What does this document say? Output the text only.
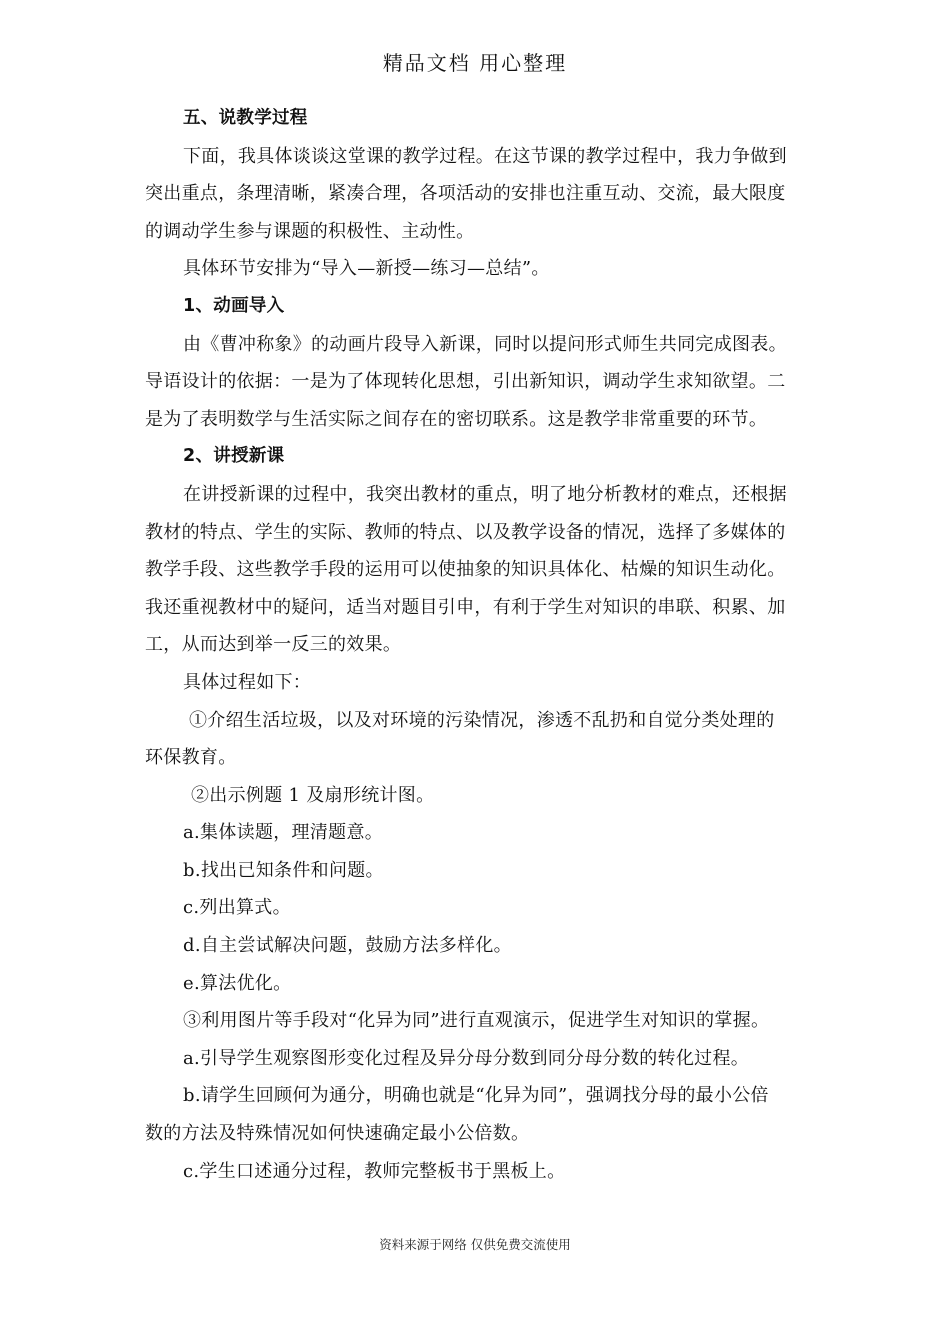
精品文档 用心整理
五、说教学过程
下面，我具体谈谈这堂课的教学过程。在这节课的教学过程中，我力争做到
突出重点，条理清晰，紧凑合理，各项活动的安排也注重互动、交流，最大限度
的调动学生参与课题的积极性、主动性。
具体环节安排为“导入—新授—练习—总结”。
1、动画导入
由《曹冲称象》的动画片段导入新课，同时以提问形式师生共同完成图表。
导语设计的依据：一是为了体现转化思想，引出新知识，调动学生求知欲望。二
是为了表明数学与生活实际之间存在的密切联系。这是教学非常重要的环节。
2、讲授新课
在讲授新课的过程中，我突出教材的重点，明了地分析教材的难点，还根据
教材的特点、学生的实际、教师的特点、以及教学设备的情况，选择了多媒体的
教学手段、这些教学手段的运用可以使抽象的知识具体化、枯燥的知识生动化。
我还重视教材中的疑问，适当对题目引申，有利于学生对知识的串联、积累、加
工，从而达到举一反三的效果。
具体过程如下：
①介绍生活垃圾，以及对环境的污染情况，渗透不乱扔和自觉分类处理的
环保教育。
②出示例题 1 及扇形统计图。
a.集体读题，理清题意。
b.找出已知条件和问题。
c.列出算式。
d.自主尝试解决问题，鼓励方法多样化。
e.算法优化。
③利用图片等手段对“化异为同”进行直观演示，促进学生对知识的掌握。
a.引导学生观察图形变化过程及异分母分数到同分母分数的转化过程。
b.请学生回顾何为通分，明确也就是“化异为同”，强调找分母的最小公倍
数的方法及特殊情况如何快速确定最小公倍数。
c.学生口述通分过程，教师完整板书于黑板上。
资料来源于网络 仅供免费交流使用
